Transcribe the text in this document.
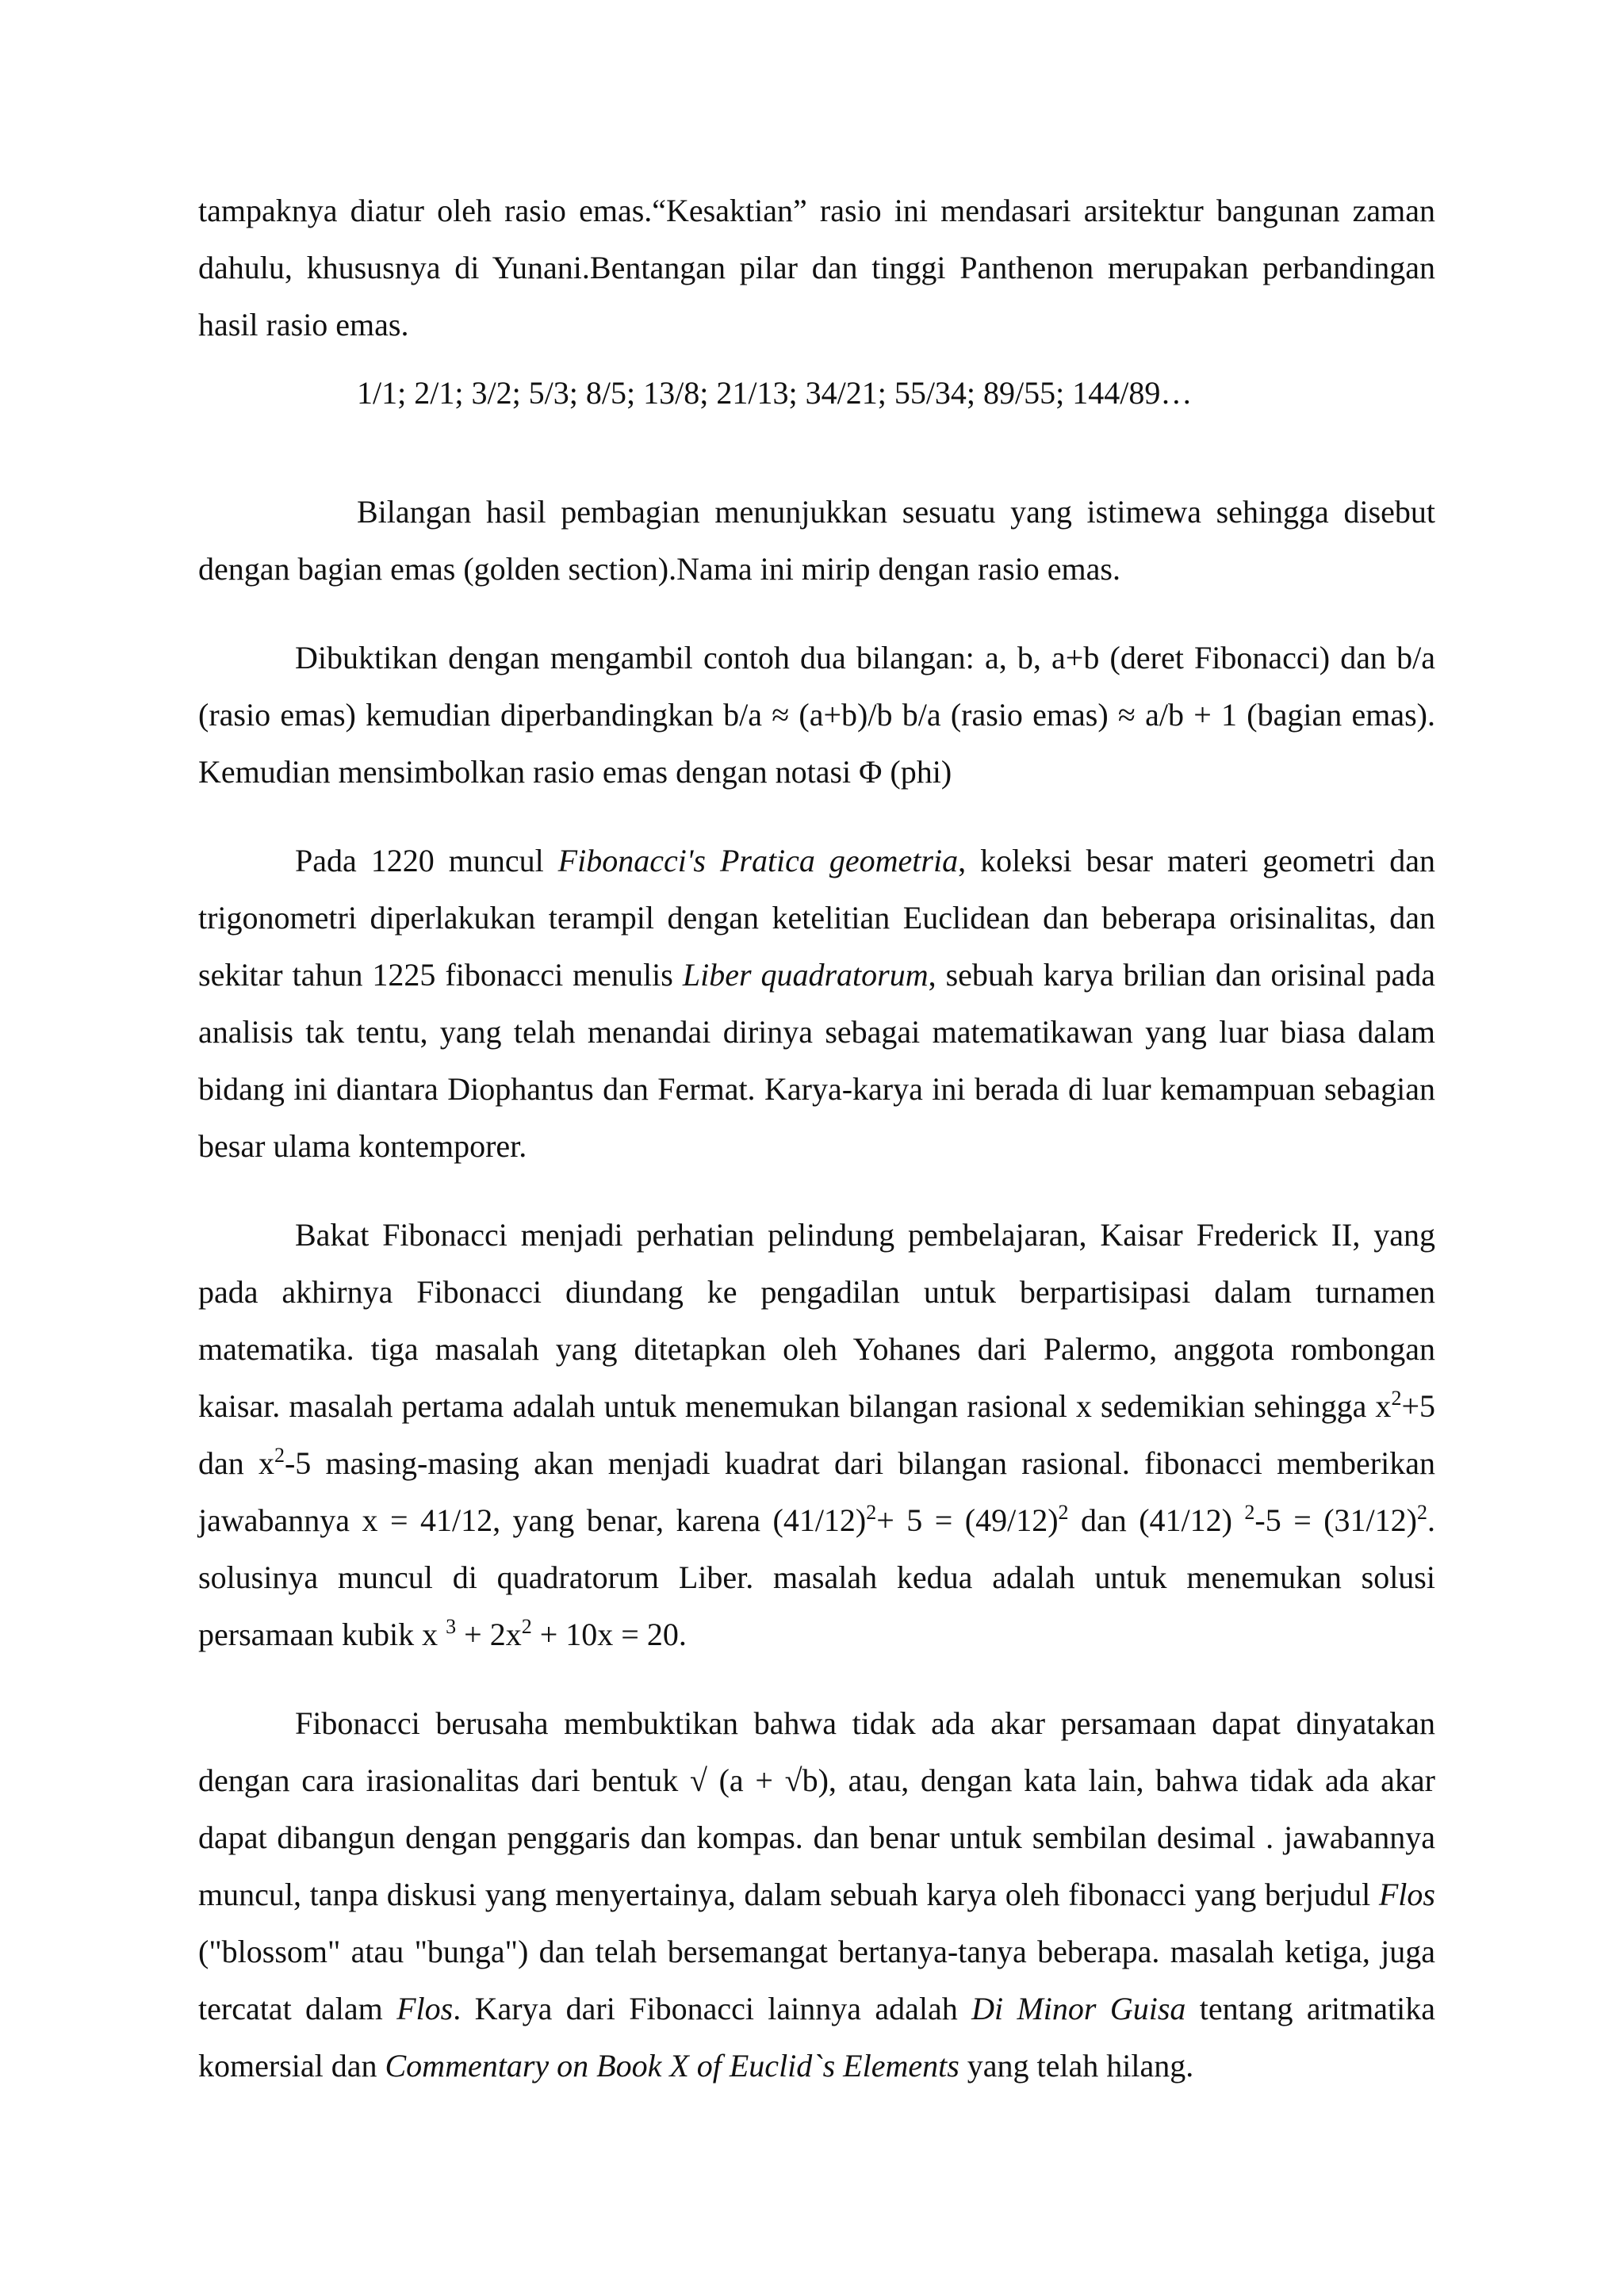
tampaknya diatur oleh rasio emas.“Kesaktian” rasio ini mendasari arsitektur bangunan zaman dahulu, khususnya di Yunani.Bentangan pilar dan tinggi Panthenon merupakan perbandingan hasil rasio emas.

1/1; 2/1; 3/2; 5/3; 8/5; 13/8; 21/13; 34/21; 55/34; 89/55; 144/89…

Bilangan hasil pembagian menunjukkan sesuatu yang istimewa sehingga disebut dengan bagian emas (golden section).Nama ini mirip dengan rasio emas.

Dibuktikan dengan mengambil contoh dua bilangan: a, b, a+b (deret Fibonacci) dan b/a (rasio emas) kemudian diperbandingkan b/a ≈ (a+b)/b b/a (rasio emas) ≈ a/b + 1 (bagian emas). Kemudian mensimbolkan rasio emas dengan notasi Φ (phi)

Pada 1220 muncul Fibonacci's Pratica geometria, koleksi besar materi geometri dan trigonometri diperlakukan terampil dengan ketelitian Euclidean dan beberapa orisinalitas, dan sekitar tahun 1225 fibonacci menulis Liber quadratorum, sebuah karya brilian dan orisinal pada analisis tak tentu, yang telah menandai dirinya sebagai matematikawan yang luar biasa dalam bidang ini diantara Diophantus dan Fermat. Karya-karya ini berada di luar kemampuan sebagian besar ulama kontemporer.

Bakat Fibonacci menjadi perhatian pelindung pembelajaran, Kaisar Frederick II, yang pada akhirnya Fibonacci diundang ke pengadilan untuk berpartisipasi dalam turnamen matematika. tiga masalah yang ditetapkan oleh Yohanes dari Palermo, anggota rombongan kaisar. masalah pertama adalah untuk menemukan bilangan rasional x sedemikian sehingga $x^2+5$ dan $x^2-5$ masing-masing akan menjadi kuadrat dari bilangan rasional. fibonacci memberikan jawabannya x = 41/12, yang benar, karena $(41/12)^2+ 5 = (49/12)^2$ dan (41/12) $^2-5 = (31/12)^2$. solusinya muncul di quadratorum Liber. masalah kedua adalah untuk menemukan solusi persamaan kubik x $^3 + 2x^2 + 10x = 20$.

Fibonacci berusaha membuktikan bahwa tidak ada akar persamaan dapat dinyatakan dengan cara irasionalitas dari bentuk √ (a + √b), atau, dengan kata lain, bahwa tidak ada akar dapat dibangun dengan penggaris dan kompas. dan benar untuk sembilan desimal . jawabannya muncul, tanpa diskusi yang menyertainya, dalam sebuah karya oleh fibonacci yang berjudul Flos ("blossom" atau "bunga") dan telah bersemangat bertanya-tanya beberapa. masalah ketiga, juga tercatat dalam Flos. Karya dari Fibonacci lainnya adalah Di Minor Guisa tentang aritmatika komersial dan Commentary on Book X of Euclid`s Elements yang telah hilang.
